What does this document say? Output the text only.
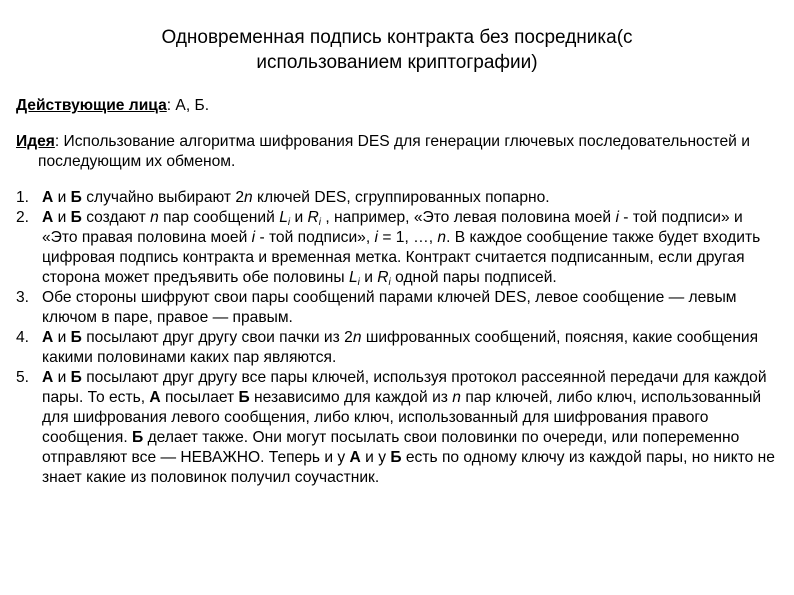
Одновременная подпись контракта без посредника(с
использованием криптографии)

Действующие лица: А, Б.

Идея: Использование алгоритма шифрования DES для генерации глючевых последовательностей и последующим их обменом.

1. А и Б случайно выбирают 2n ключей DES, сгруппированных попарно.
2. А и Б создают n пар сообщений $L_i$ и $R_i$ , например, «Это левая половина моей i - той подписи» и «Это правая половина моей i - той подписи», i = 1, …, n. В каждое сообщение также будет входить цифровая подпись контракта и временная метка. Контракт считается подписанным, если другая сторона может предъявить обе половины $L_i$ и $R_i$ одной пары подписей.
3. Обе стороны шифруют свои пары сообщений парами ключей DES, левое сообщение — левым ключом в паре, правое — правым.
4. А и Б посылают друг другу свои пачки из 2n шифрованных сообщений, поясняя, какие сообщения какими половинами каких пар являются.
5. А и Б посылают друг другу все пары ключей, используя протокол рассеянной передачи для каждой пары. То есть, А посылает Б независимо для каждой из n пар ключей, либо ключ, использованный для шифрования левого сообщения, либо ключ, использованный для шифрования правого сообщения. Б делает также. Они могут посылать свои половинки по очереди, или попеременно отправляют все — НЕВАЖНО. Теперь и у А и у Б есть по одному ключу из каждой пары, но никто не знает какие из половинок получил соучастник.
